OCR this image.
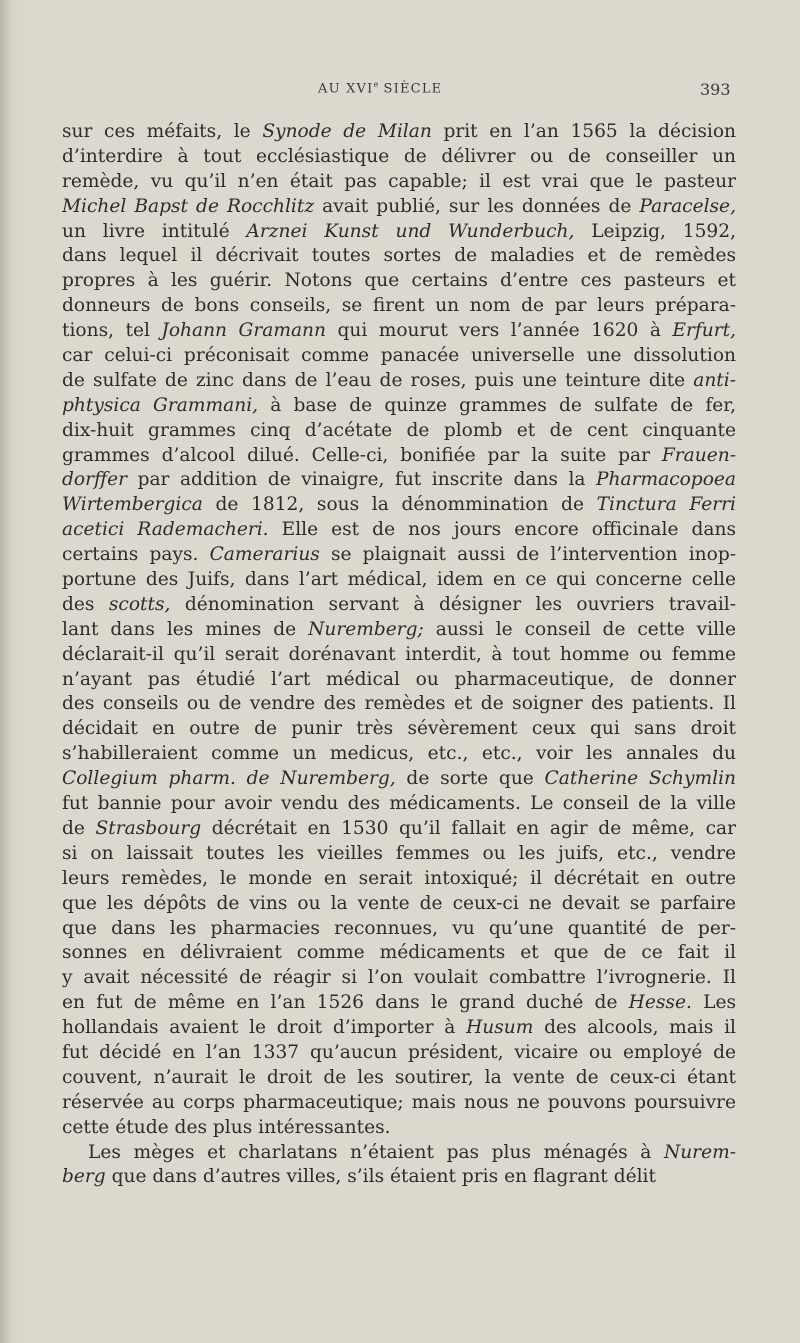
AU XVIe SIÈCLE	393
sur ces méfaits, le Synode de Milan prit en l’an 1565 la décision
d’interdire à tout ecclésiastique de délivrer ou de conseiller un
remède, vu qu’il n’en était pas capable; il est vrai que le pasteur
Michel Bapst de Rocchlitz avait publié, sur les données de Paracelse,
un livre intitulé Arznei Kunst und Wunderbuch, Leipzig, 1592,
dans lequel il décrivait toutes sortes de maladies et de remèdes
propres à les guérir. Notons que certains d’entre ces pasteurs et
donneurs de bons conseils, se firent un nom de par leurs prépara-
tions, tel Johann Gramann qui mourut vers l’année 1620 à Erfurt,
car celui-ci préconisait comme panacée universelle une dissolution
de sulfate de zinc dans de l’eau de roses, puis une teinture dite anti-
phtysica Grammani, à base de quinze grammes de sulfate de fer,
dix-huit grammes cinq d’acétate de plomb et de cent cinquante
grammes d’alcool dilué. Celle-ci, bonifiée par la suite par Frauen-
dorffer par addition de vinaigre, fut inscrite dans la Pharmacopoea
Wirtembergica de 1812, sous la dénommination de Tinctura Ferri
acetici Rademacheri. Elle est de nos jours encore officinale dans
certains pays. Camerarius se plaignait aussi de l’intervention inop-
portune des Juifs, dans l’art médical, idem en ce qui concerne celle
des scotts, dénomination servant à désigner les ouvriers travail-
lant dans les mines de Nuremberg; aussi le conseil de cette ville
déclarait-il qu’il serait dorénavant interdit, à tout homme ou femme
n’ayant pas étudié l’art médical ou pharmaceutique, de donner
des conseils ou de vendre des remèdes et de soigner des patients. Il
décidait en outre de punir très sévèrement ceux qui sans droit
s’habilleraient comme un medicus, etc., etc., voir les annales du
Collegium pharm. de Nuremberg, de sorte que Catherine Schymlin
fut bannie pour avoir vendu des médicaments. Le conseil de la ville
de Strasbourg décrétait en 1530 qu’il fallait en agir de même, car
si on laissait toutes les vieilles femmes ou les juifs, etc., vendre
leurs remèdes, le monde en serait intoxiqué; il décrétait en outre
que les dépôts de vins ou la vente de ceux-ci ne devait se parfaire
que dans les pharmacies reconnues, vu qu’une quantité de per-
sonnes en délivraient comme médicaments et que de ce fait il
y avait nécessité de réagir si l’on voulait combattre l’ivrognerie. Il
en fut de même en l’an 1526 dans le grand duché de Hesse. Les
hollandais avaient le droit d’importer à Husum des alcools, mais il
fut décidé en l’an 1337 qu’aucun président, vicaire ou employé de
couvent, n’aurait le droit de les soutirer, la vente de ceux-ci étant
réservée au corps pharmaceutique; mais nous ne pouvons poursuivre
cette étude des plus intéressantes.
Les mèges et charlatans n’étaient pas plus ménagés à Nurem-
berg que dans d’autres villes, s’ils étaient pris en flagrant délit
